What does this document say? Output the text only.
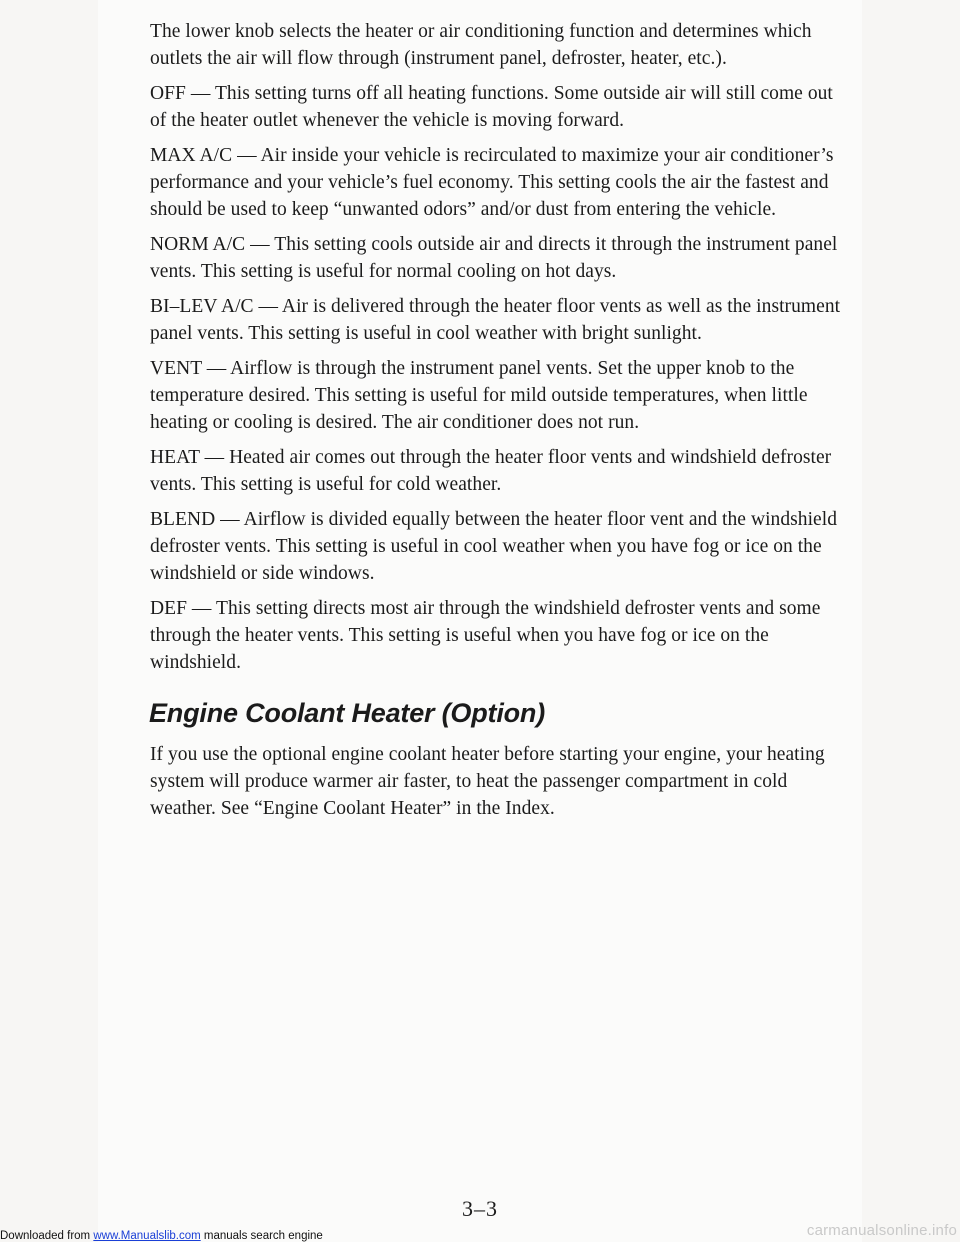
The lower knob selects the heater or air conditioning function and determines which outlets the air will flow through (instrument panel, defroster, heater, etc.).

OFF — This setting turns off all heating functions. Some outside air will still come out of the heater outlet whenever the vehicle is moving forward.

MAX A/C — Air inside your vehicle is recirculated to maximize your air conditioner’s performance and your vehicle’s fuel economy. This setting cools the air the fastest and should be used to keep “unwanted odors” and/or dust from entering the vehicle.

NORM A/C — This setting cools outside air and directs it through the instrument panel vents. This setting is useful for normal cooling on hot days.

BI–LEV A/C — Air is delivered through the heater floor vents as well as the instrument panel vents. This setting is useful in cool weather with bright sunlight.

VENT — Airflow is through the instrument panel vents. Set the upper knob to the temperature desired. This setting is useful for mild outside temperatures, when little heating or cooling is desired. The air conditioner does not run.

HEAT — Heated air comes out through the heater floor vents and windshield defroster vents. This setting is useful for cold weather.

BLEND — Airflow is divided equally between the heater floor vent and the windshield defroster vents. This setting is useful in cool weather when you have fog or ice on the windshield or side windows.

DEF — This setting directs most air through the windshield defroster vents and some through the heater vents. This setting is useful when you have fog or ice on the windshield.

Engine Coolant Heater (Option)

If you use the optional engine coolant heater before starting your engine, your heating system will produce warmer air faster, to heat the passenger compartment in cold weather. See “Engine Coolant Heater” in the Index.

3–3
Downloaded from www.Manualslib.com manuals search engine	carmanualsonline.info
